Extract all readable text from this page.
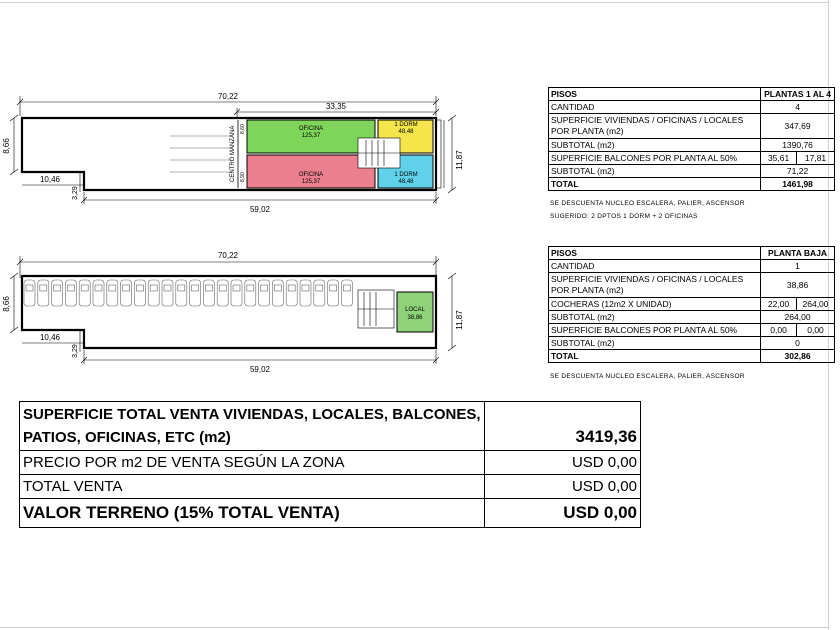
70,22
33,35
CENTRO MANZANA 8,60
8,90
OFICINA
125,37
OFICINA
125,37
1 DORM
48,48
1 DORM
48,48
11,87
8,66
10,46
3,29
59,02
70,22
LOCAL
38,86	11,87
8,66
10,46
3,29
59,02
PISOS	PLANTAS 1 AL 4	
CANTIDAD	4	
SUPERFICIE VIVIENDAS / OFICINAS / LOCALES POR PLANTA (m2)	347,69	
SUBTOTAL (m2)	1390,76	
SUPERFICIE BALCONES POR PLANTA AL 50%	35,61	17,81
SUBTOTAL (m2)	71,22	
TOTAL	1461,98	
SE DESCUENTA NUCLEO ESCALERA, PALIER, ASCENSOR
SUGERIDO: 2 DPTOS 1 DORM + 2 OFICINAS
PISOS	PLANTA BAJA	
CANTIDAD	1	
SUPERFICIE VIVIENDAS / OFICINAS / LOCALES POR PLANTA (m2)	38,86	
COCHERAS (12m2 X UNIDAD)	22,00	264,00
SUBTOTAL (m2)	264,00	
SUPERFICIE BALCONES POR PLANTA AL 50%	0,00	0,00
SUBTOTAL (m2)	0	
TOTAL	302,86	
SE DESCUENTA NUCLEO ESCALERA, PALIER, ASCENSOR
SUPERFICIE TOTAL VENTA VIVIENDAS, LOCALES, BALCONES, PATIOS, OFICINAS, ETC (m2)	3419,36
PRECIO POR m2 DE VENTA SEGÚN LA ZONA	USD 0,00
TOTAL VENTA	USD 0,00
VALOR TERRENO (15% TOTAL VENTA)	USD 0,00
